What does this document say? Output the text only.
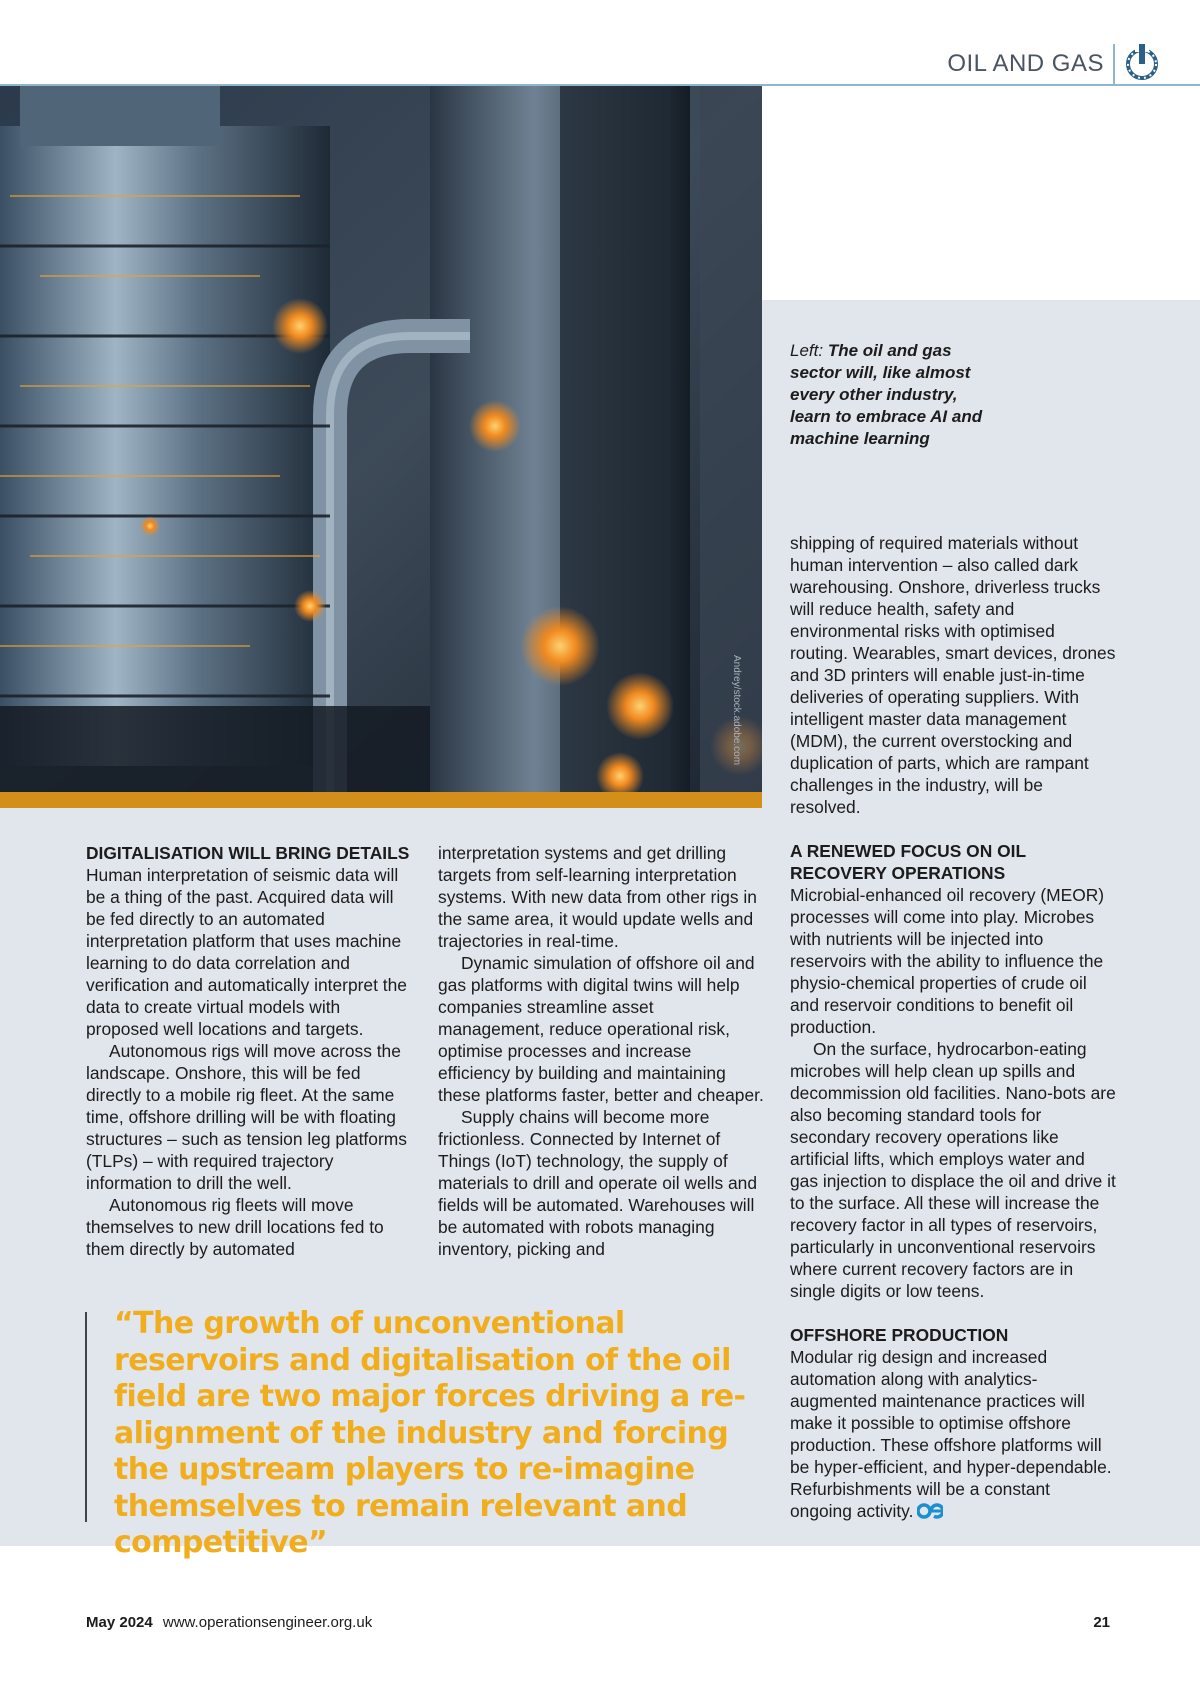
OIL AND GAS
Andrey/stock.adobe.com
Left: The oil and gas sector will, like almost every other industry, learn to embrace AI and machine learning
DIGITALISATION WILL BRING DETAILS

Human interpretation of seismic data will be a thing of the past. Acquired data will be fed directly to an automated interpretation platform that uses machine learning to do data correlation and verification and automatically interpret the data to create virtual models with proposed well locations and targets.

Autonomous rigs will move across the landscape. Onshore, this will be fed directly to a mobile rig fleet. At the same time, offshore drilling will be with floating structures – such as tension leg platforms (TLPs) – with required trajectory information to drill the well.

Autonomous rig fleets will move themselves to new drill locations fed to them directly by automated

interpretation systems and get drilling targets from self-learning interpretation systems. With new data from other rigs in the same area, it would update wells and trajectories in real-time.

Dynamic simulation of offshore oil and gas platforms with digital twins will help companies streamline asset management, reduce operational risk, optimise processes and increase efficiency by building and maintaining these platforms faster, better and cheaper.

Supply chains will become more frictionless. Connected by Internet of Things (IoT) technology, the supply of materials to drill and operate oil wells and fields will be automated. Warehouses will be automated with robots managing inventory, picking and

shipping of required materials without human intervention – also called dark warehousing. Onshore, driverless trucks will reduce health, safety and environmental risks with optimised routing. Wearables, smart devices, drones and 3D printers will enable just-in-time deliveries of operating suppliers. With intelligent master data management (MDM), the current overstocking and duplication of parts, which are rampant challenges in the industry, will be resolved.

A RENEWED FOCUS ON OIL RECOVERY OPERATIONS

Microbial-enhanced oil recovery (MEOR) processes will come into play. Microbes with nutrients will be injected into reservoirs with the ability to influence the physio-chemical properties of crude oil and reservoir conditions to benefit oil production.

On the surface, hydrocarbon-eating microbes will help clean up spills and decommission old facilities. Nano-bots are also becoming standard tools for secondary recovery operations like artificial lifts, which employs water and gas injection to displace the oil and drive it to the surface. All these will increase the recovery factor in all types of reservoirs, particularly in unconventional reservoirs where current recovery factors are in single digits or low teens.

OFFSHORE PRODUCTION

Modular rig design and increased automation along with analytics-augmented maintenance practices will make it possible to optimise offshore production. These offshore platforms will be hyper-efficient, and hyper-dependable. Refurbishments will be a constant ongoing activity.

“The growth of unconventional reservoirs and digitalisation of the oil field are two major forces driving a re-alignment of the industry and forcing the upstream players to re-imagine themselves to remain relevant and competitive”
May 2024 www.operationsengineer.org.uk	21
